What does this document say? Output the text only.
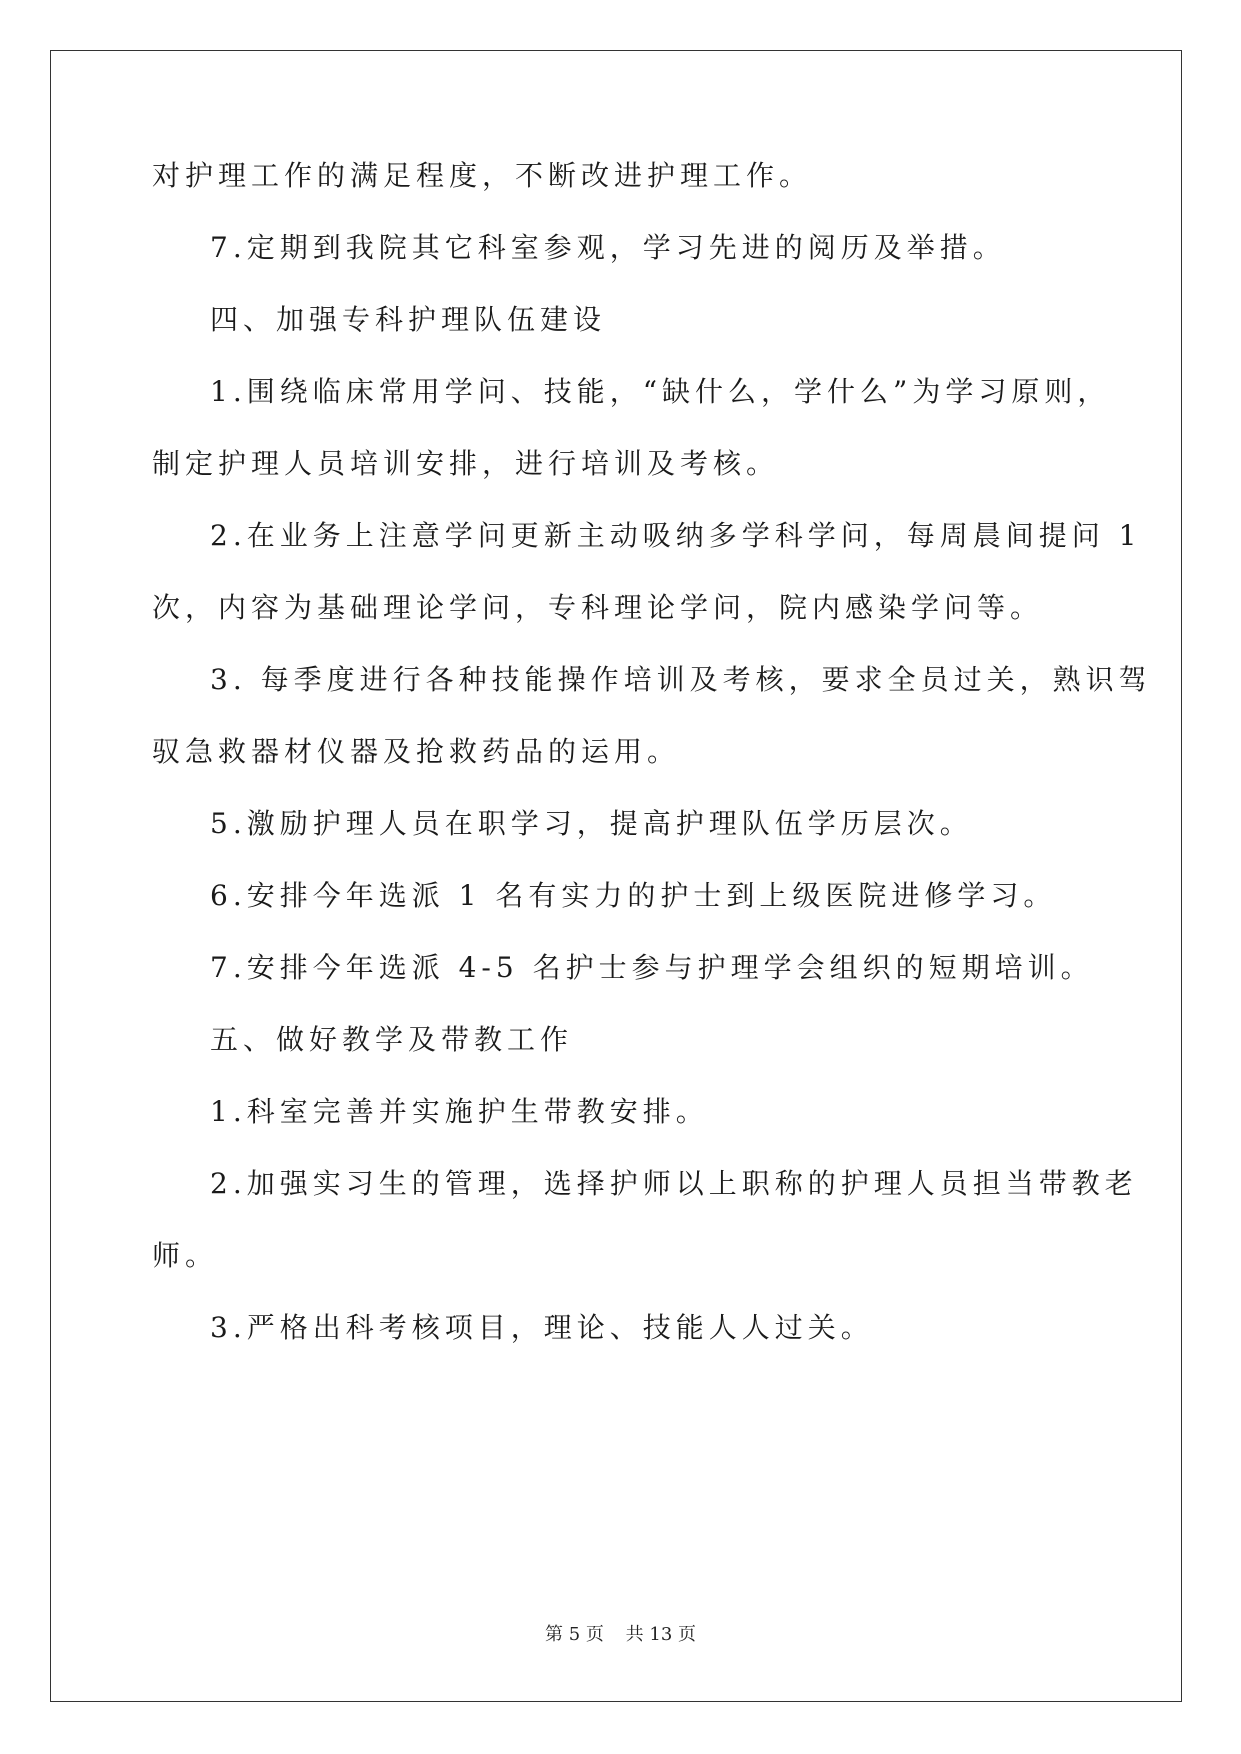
对护理工作的满足程度，不断改进护理工作。
7.定期到我院其它科室参观，学习先进的阅历及举措。
四、加强专科护理队伍建设
1.围绕临床常用学问、技能，“缺什么，学什么”为学习原则，
制定护理人员培训安排，进行培训及考核。
2.在业务上注意学问更新主动吸纳多学科学问，每周晨间提问 1
次，内容为基础理论学问，专科理论学问，院内感染学问等。
3. 每季度进行各种技能操作培训及考核，要求全员过关，熟识驾
驭急救器材仪器及抢救药品的运用。
5.激励护理人员在职学习，提高护理队伍学历层次。
6.安排今年选派 1 名有实力的护士到上级医院进修学习。
7.安排今年选派 4-5 名护士参与护理学会组织的短期培训。
五、做好教学及带教工作
1.科室完善并实施护生带教安排。
2.加强实习生的管理，选择护师以上职称的护理人员担当带教老
师。
3.严格出科考核项目，理论、技能人人过关。
第 5 页 共 13 页
